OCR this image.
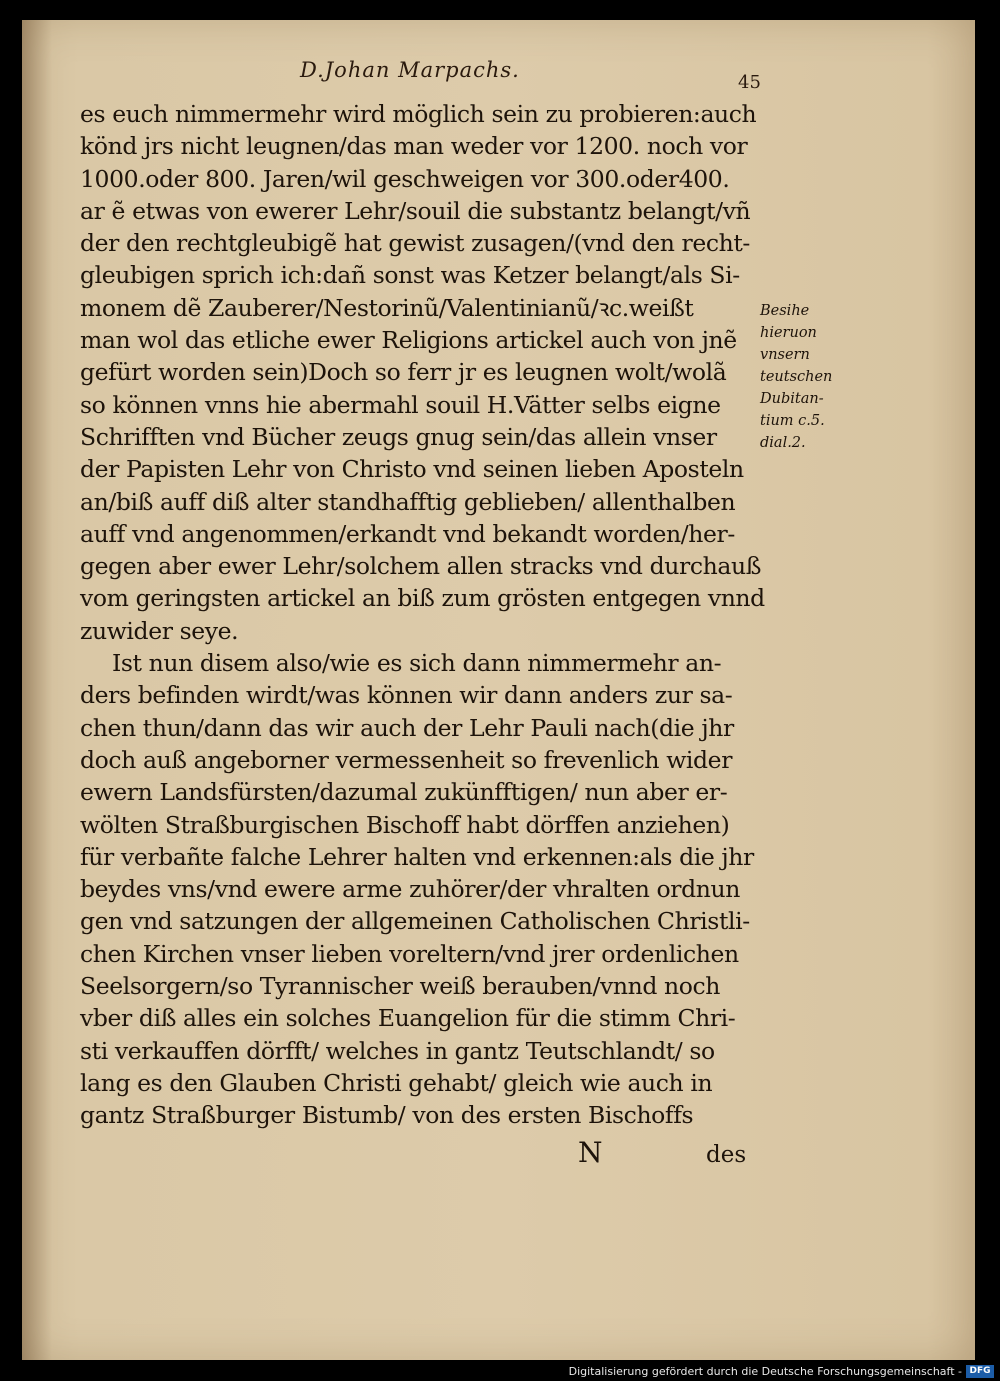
D.Johan Marpachs.
45
es euch nimmermehr wird möglich sein zu probieren:auch
könd jrs nicht leugnen/das man weder vor 1200. noch vor
1000.oder 800. Jaren/wil geschweigen vor 300.oder400.
ar ẽ etwas von ewerer Lehr/souil die substantz belangt/vñ
der den rechtgleubigẽ hat gewist zusagen/(vnd den recht-
gleubigen sprich ich:dañ sonst was Ketzer belangt/als Si-
monem dẽ Zauberer/Nestorinũ/Valentinianũ/ꝛc.weißt
man wol das etliche ewer Religions artickel auch von jnẽ
gefürt worden sein)Doch so ferr jr es leugnen wolt/wolã
so können vnns hie abermahl souil H.Vätter selbs eigne
Schrifften vnd Bücher zeugs gnug sein/das allein vnser
der Papisten Lehr von Christo vnd seinen lieben Aposteln
an/biß auff diß alter standhafftig geblieben/ allenthalben
auff vnd angenommen/erkandt vnd bekandt worden/her-
gegen aber ewer Lehr/solchem allen stracks vnd durchauß
vom geringsten artickel an biß zum grösten entgegen vnnd
zuwider seye.
Ist nun disem also/wie es sich dann nimmermehr an-
ders befinden wirdt/was können wir dann anders zur sa-
chen thun/dann das wir auch der Lehr Pauli nach(die jhr
doch auß angeborner vermessenheit so frevenlich wider
ewern Landsfürsten/dazumal zukünfftigen/ nun aber er-
wölten Straßburgischen Bischoff habt dörffen anziehen)
für verbañte falche Lehrer halten vnd erkennen:als die jhr
beydes vns/vnd ewere arme zuhörer/der vhralten ordnun
gen vnd satzungen der allgemeinen Catholischen Christli-
chen Kirchen vnser lieben voreltern/vnd jrer ordenlichen
Seelsorgern/so Tyrannischer weiß berauben/vnnd noch
vber diß alles ein solches Euangelion für die stimm Chri-
sti verkauffen dörfft/ welches in gantz Teutschlandt/ so
lang es den Glauben Christi gehabt/ gleich wie auch in
gantz Straßburger Bistumb/ von des ersten Bischoffs
Besihe
hieruon
vnsern
teutschen
Dubitan-
tium c.5.
dial.2.
N	des
Digitalisierung gefördert durch die Deutsche Forschungsgemeinschaft - DFG
